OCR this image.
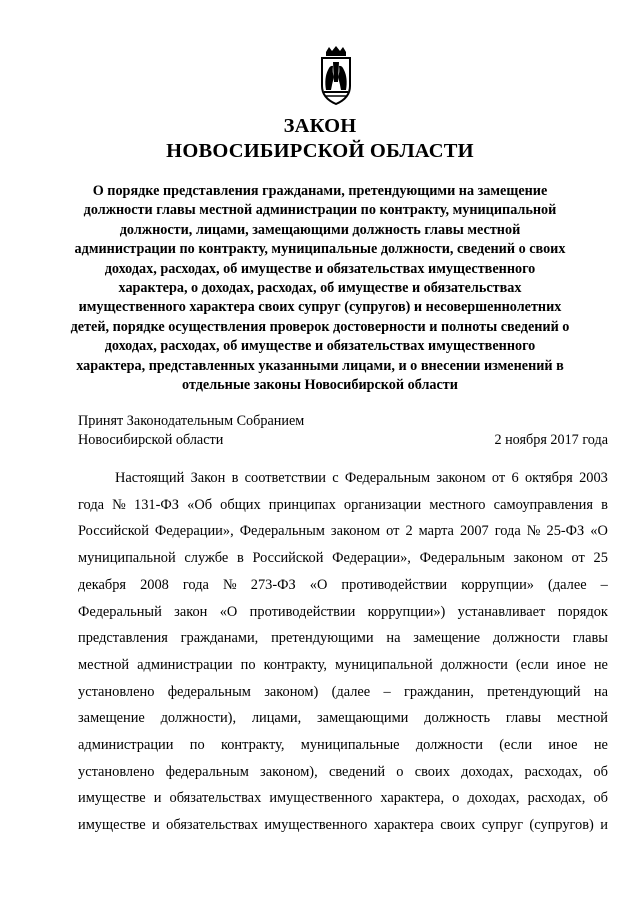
ЗАКОН
НОВОСИБИРСКОЙ ОБЛАСТИ
О порядке представления гражданами, претендующими на замещение
должности главы местной администрации по контракту, муниципальной
должности, лицами, замещающими должность главы местной
администрации по контракту, муниципальные должности, сведений о своих
доходах, расходах, об имуществе и обязательствах имущественного
характера, о доходах, расходах, об имуществе и обязательствах
имущественного характера своих супруг (супругов) и несовершеннолетних
детей, порядке осуществления проверок достоверности и полноты сведений о
доходах, расходах, об имуществе и обязательствах имущественного
характера, представленных указанными лицами, и о внесении изменений в
отдельные законы Новосибирской области
Принят Законодательным Собранием
Новосибирской области	2 ноября 2017 года
Настоящий Закон в соответствии с Федеральным законом от 6 октября 2003
года № 131-ФЗ «Об общих принципах организации местного самоуправления в
Российской Федерации», Федеральным законом от 2 марта 2007 года № 25-ФЗ «О
муниципальной службе в Российской Федерации», Федеральным законом от 25
декабря 2008 года № 273-ФЗ «О противодействии коррупции» (далее –
Федеральный закон «О противодействии коррупции») устанавливает порядок
представления гражданами, претендующими на замещение должности главы
местной администрации по контракту, муниципальной должности (если иное не
установлено федеральным законом) (далее – гражданин, претендующий на
замещение должности), лицами, замещающими должность главы местной
администрации по контракту, муниципальные должности (если иное не
установлено федеральным законом), сведений о своих доходах, расходах, об
имуществе и обязательствах имущественного характера, о доходах, расходах, об
имуществе и обязательствах имущественного характера своих супруг (супругов) и
